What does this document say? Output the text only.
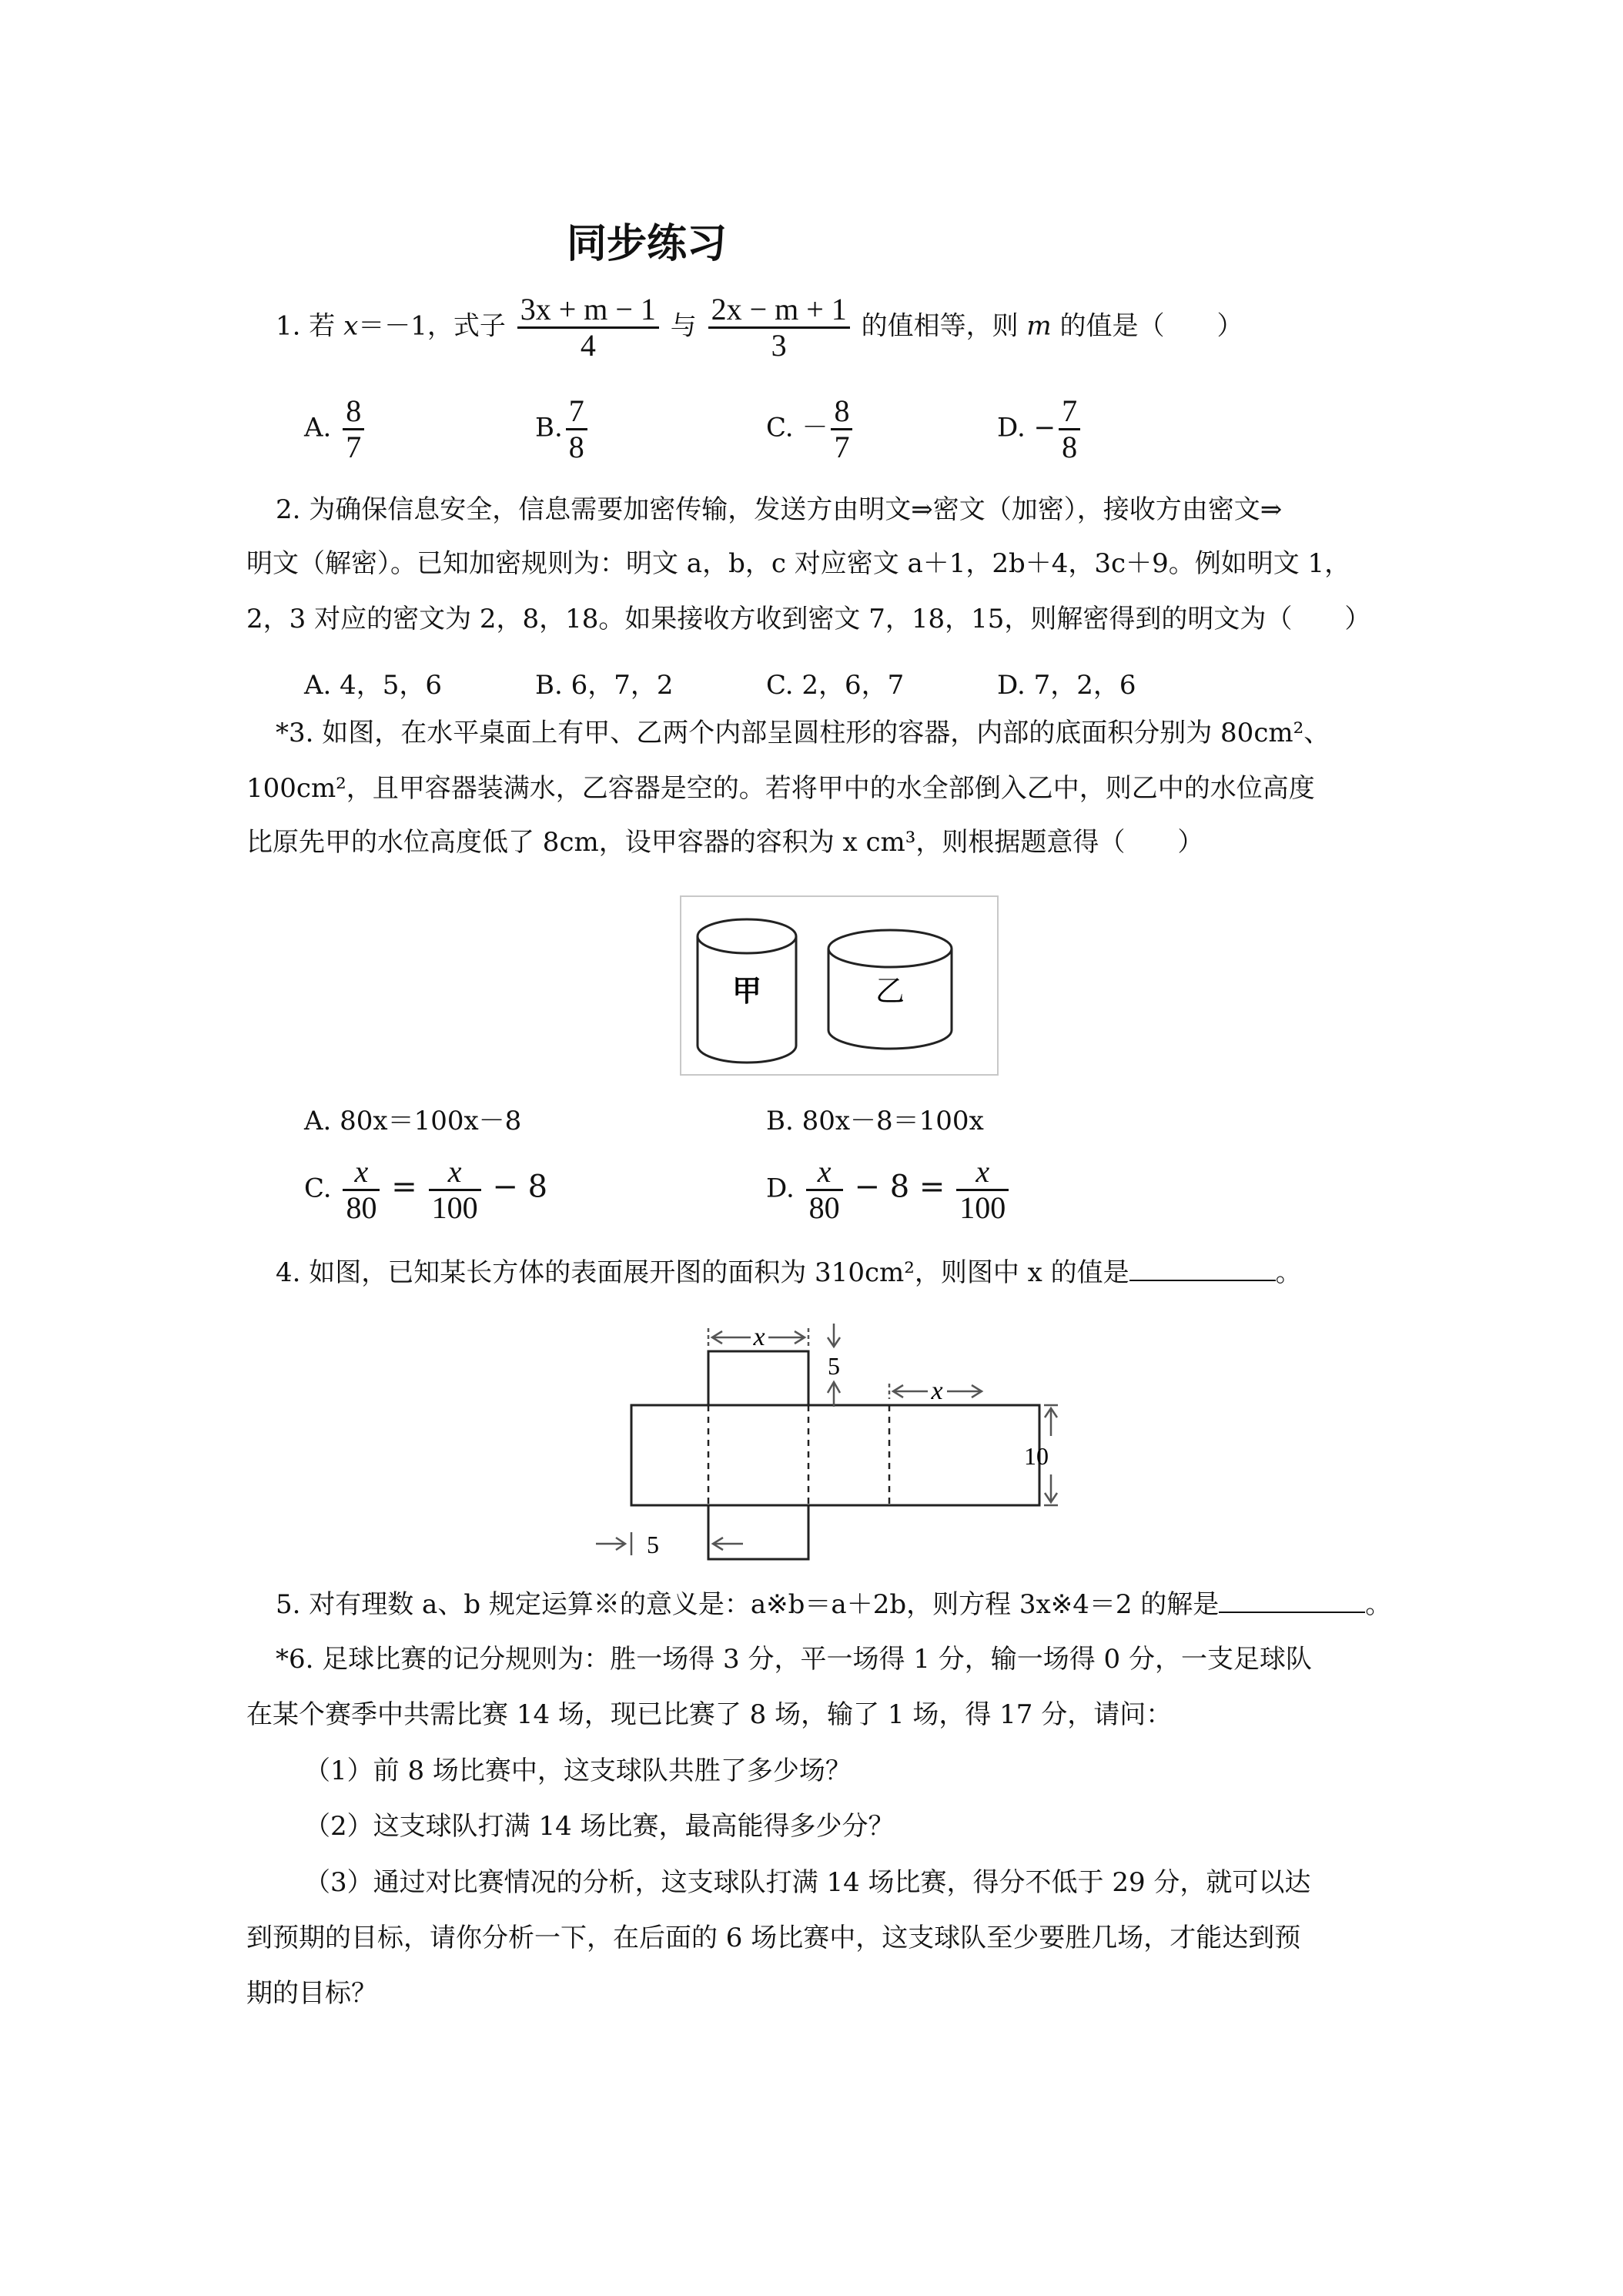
同步练习
1. 若 x＝－1，式子 $\frac{3x + m - 1}{4}$ 与 $\frac{2x - m + 1}{3}$ 的值相等，则 m 的值是（　　）
A. $\frac{8}{7}$	B. $\frac{7}{8}$	C. － $\frac{8}{7}$	D. − $\frac{7}{8}$
2. 为确保信息安全，信息需要加密传输，发送方由明文⇒密文（加密），接收方由密文⇒
明文（解密）。已知加密规则为：明文 a，b，c 对应密文 a＋1，2b＋4，3c＋9。例如明文 1，
2，3 对应的密文为 2，8，18。如果接收方收到密文 7，18，15，则解密得到的明文为（　　）
A. 4，5，6	B. 6，7，2	C. 2，6，7	D. 7，2，6
*3. 如图，在水平桌面上有甲、乙两个内部呈圆柱形的容器，内部的底面积分别为 80cm²、
100cm²，且甲容器装满水，乙容器是空的。若将甲中的水全部倒入乙中，则乙中的水位高度
比原先甲的水位高度低了 8cm，设甲容器的容积为 x cm³，则根据题意得（　　）
甲	乙
A. 80x＝100x－8	B. 80x－8＝100x
C. $\frac{x}{80} = \frac{x}{100} - 8$	D. $\frac{x}{80} - 8 = \frac{x}{100}$
4. 如图，已知某长方体的表面展开图的面积为 310cm²，则图中 x 的值是	。
x
5
x
10
5
5. 对有理数 a、b 规定运算※的意义是：a※b＝a＋2b，则方程 3x※4＝2 的解是	。
*6. 足球比赛的记分规则为：胜一场得 3 分，平一场得 1 分，输一场得 0 分，一支足球队
在某个赛季中共需比赛 14 场，现已比赛了 8 场，输了 1 场，得 17 分，请问：
（1）前 8 场比赛中，这支球队共胜了多少场？
（2）这支球队打满 14 场比赛，最高能得多少分？
（3）通过对比赛情况的分析，这支球队打满 14 场比赛，得分不低于 29 分，就可以达
到预期的目标，请你分析一下，在后面的 6 场比赛中，这支球队至少要胜几场，才能达到预
期的目标？
